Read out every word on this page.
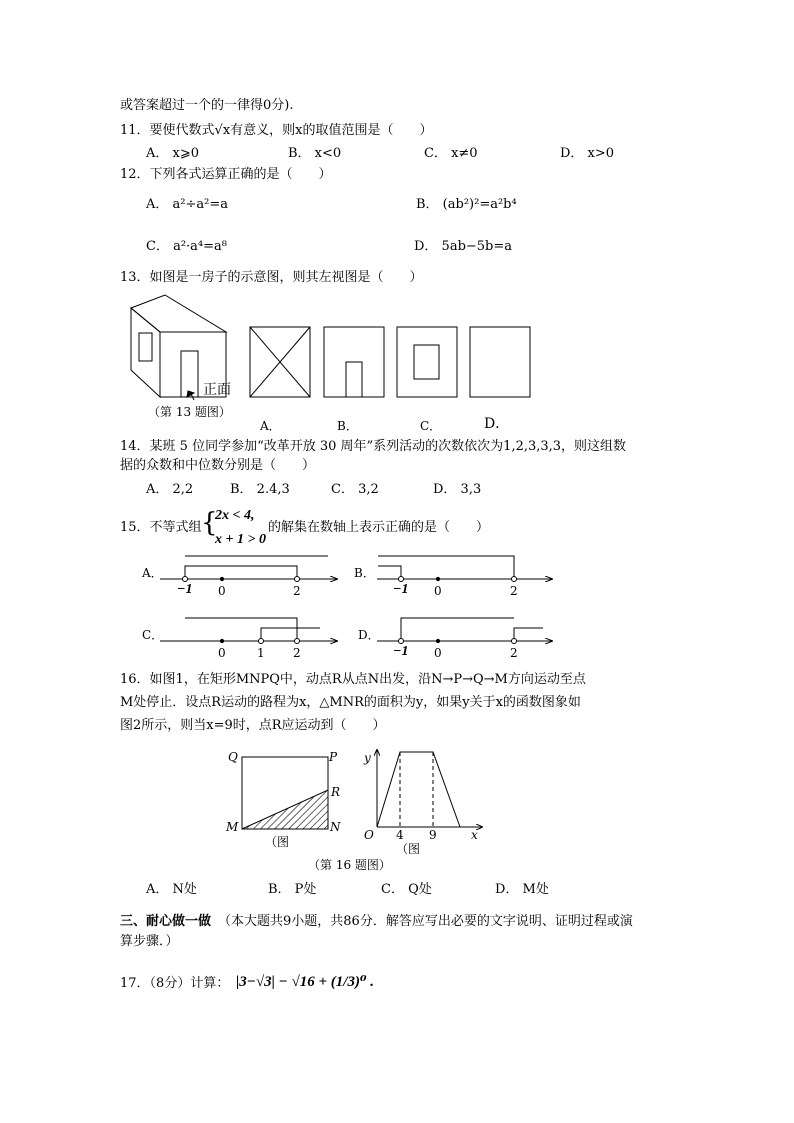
或答案超过一个的一律得0分).
11．要使代数式√x有意义，则x的取值范围是（　　）
A． x⩾0	B． x<0	C． x≠0	D． x>0
12．下列各式运算正确的是（　　）
A． a²÷a²=a	B． (ab²)²=a²b⁴
C． a²·a⁴=a⁸	D． 5ab−5b=a
13．如图是一房子的示意图，则其左视图是（　　）
正面
（第 13 题图）
A．	B．	C．	D．
14．某班 5 位同学参加“改革开放 30 周年”系列活动的次数依次为1,2,3,3,3，则这组数
据的众数和中位数分别是（　　）
A． 2,2	B． 2.4,3	C． 3,2	D． 3,3
15．不等式组 {
2x < 4,
x + 1 > 0
的解集在数轴上表示正确的是（　　）
A．	B．
C．	D．
−1 0	2	−1 0	2
0	1 2	−1 0	2
16．如图1，在矩形MNPQ中，动点R从点N出发，沿N→P→Q→M方向运动至点
M处停止．设点R运动的路程为x，△MNR的面积为y，如果y关于x的函数图象如
图2所示，则当x=9时，点R应运动到（　　）
Q	P
R
M	N
（图
y
O 4 9	x
（图
（第 16 题图）
A． N处	B． P处	C． Q处	D． M处
三、耐心做一做 （本大题共9小题，共86分．解答应写出必要的文字说明、证明过程或演
算步骤．）
17．（8分）计算： |3−√3| − √16 + (1/3)⁰ .
